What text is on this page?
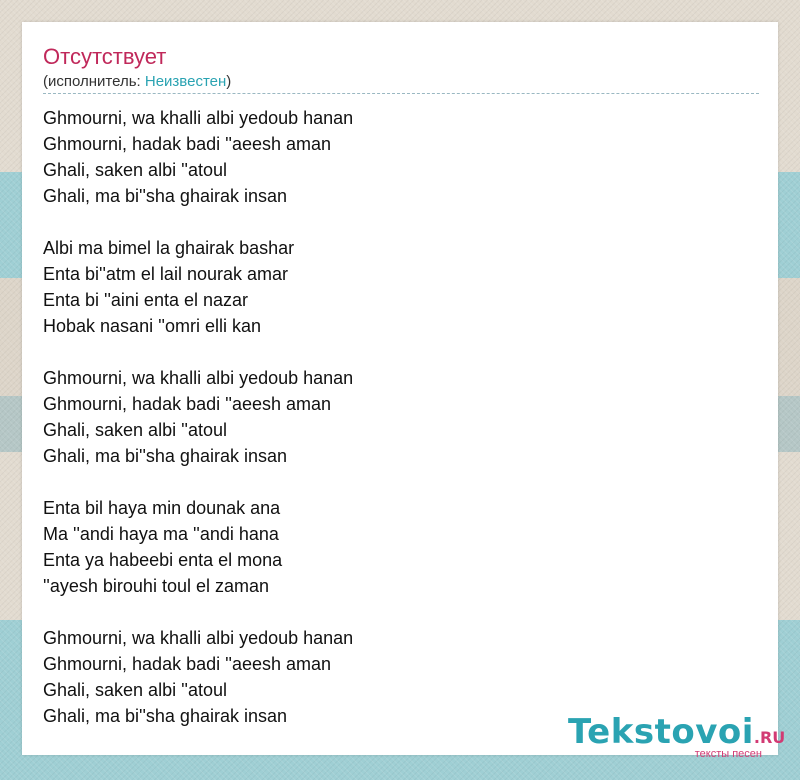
Отсутствует
(исполнитель: Неизвестен)
Ghmourni, wa khalli albi yedoub hanan
Ghmourni, hadak badi ''aeesh aman
Ghali, saken albi ''atoul
Ghali, ma bi''sha ghairak insan
Albi ma bimel la ghairak bashar
Enta bi''atm el lail nourak amar
Enta bi ''aini enta el nazar
Hobak nasani ''omri elli kan
Ghmourni, wa khalli albi yedoub hanan
Ghmourni, hadak badi ''aeesh aman
Ghali, saken albi ''atoul
Ghali, ma bi''sha ghairak insan
Enta bil haya min dounak ana
Ma ''andi haya ma ''andi hana
Enta ya habeebi enta el mona
''ayesh birouhi toul el zaman
Ghmourni, wa khalli albi yedoub hanan
Ghmourni, hadak badi ''aeesh aman
Ghali, saken albi ''atoul
Ghali, ma bi''sha ghairak insan	Tekstovoi.RU
тексты песен
